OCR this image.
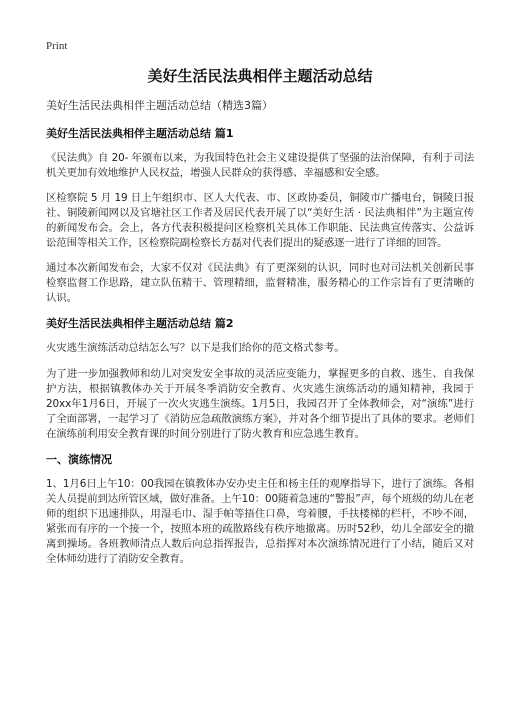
Print
美好生活民法典相伴主题活动总结
美好生活民法典相伴主题活动总结（精选3篇）
美好生活民法典相伴主题活动总结 篇1

《民法典》自 20- 年颁布以来，为我国特色社会主义建设提供了坚强的法治保障，有利于司法机关更加有效地维护人民权益，增强人民群众的获得感、幸福感和安全感。

区检察院 5 月 19 日上午组织市、区人大代表、市、区政协委员，铜陵市广播电台，铜陵日报社、铜陵新闻网以及官塘社区工作者及居民代表开展了以“美好生活 · 民法典相伴”为主题宣传的新闻发布会。会上，各方代表积极提问区检察机关具体工作职能、民法典宣传落实、公益诉讼范围等相关工作，区检察院副检察长方磊对代表们提出的疑惑逐一进行了详细的回答。

通过本次新闻发布会，大家不仅对《民法典》有了更深刻的认识，同时也对司法机关创新民事检察监督工作思路，建立队伍精干、管理精细，监督精准，服务精心的工作宗旨有了更清晰的认识。

美好生活民法典相伴主题活动总结 篇2

火灾逃生演练活动总结怎么写？以下是我们给你的范文格式参考。

为了进一步加强教师和幼儿对突发安全事故的灵活应变能力，掌握更多的自救、逃生、自我保护方法，根据镇教体办关于开展冬季消防安全教育、火灾逃生演练活动的通知精神，我园于20xx年1月6日，开展了一次火灾逃生演练。1月5日，我园召开了全体教师会，对“演练”进行了全面部署，一起学习了《消防应急疏散演练方案》，并对各个细节提出了具体的要求。老师们在演练前利用安全教育课的时间分别进行了防火教育和应急逃生教育。

一、演练情况

1、1月6日上午10：00我园在镇教体办安办史主任和杨主任的观摩指导下，进行了演练。各相关人员提前到达所管区域，做好准备。上午10：00随着急速的“警报”声，每个班级的幼儿在老师的组织下迅速排队，用湿毛巾、湿手帕等捂住口鼻，弯着腰，手扶楼梯的栏杆，不吵不闹，紧张而有序的一个接一个，按照本班的疏散路线有秩序地撤离。历时52秒，幼儿全部安全的撤离到操场。各班教师清点人数后向总指挥报告，总指挥对本次演练情况进行了小结，随后又对全体师幼进行了消防安全教育。
